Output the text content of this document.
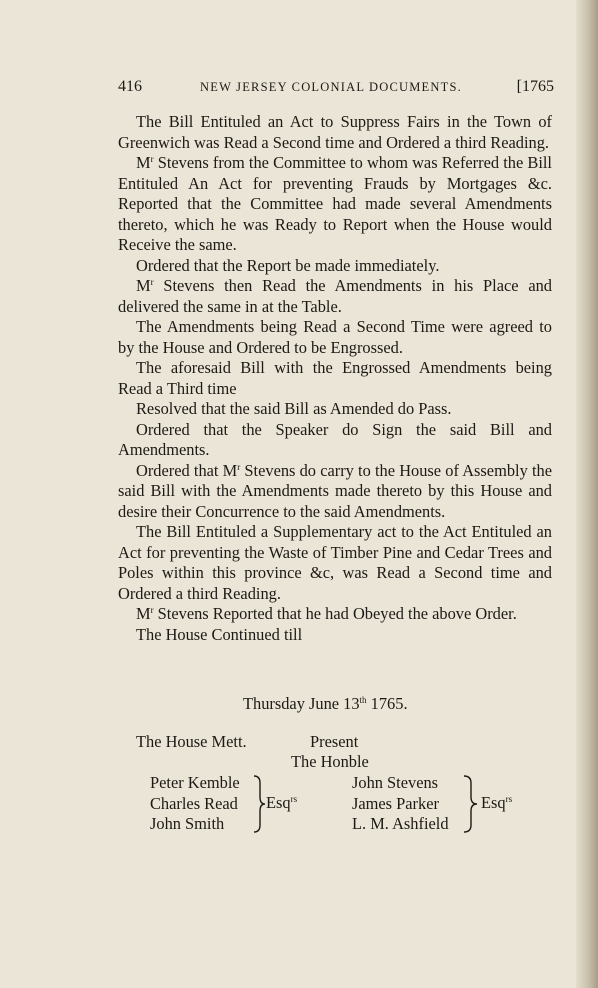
416	NEW JERSEY COLONIAL DOCUMENTS.	[1765

The Bill Entituled an Act to Suppress Fairs in the Town of Greenwich was Read a Second time and Ordered a third Reading.

$M^r$ Stevens from the Committee to whom was Referred the Bill Entituled An Act for preventing Frauds by Mortgages &c. Reported that the Committee had made several Amendments thereto, which he was Ready to Report when the House would Receive the same.

Ordered that the Report be made immediately.

$M^r$ Stevens then Read the Amendments in his Place and delivered the same in at the Table.

The Amendments being Read a Second Time were agreed to by the House and Ordered to be Engrossed.

The aforesaid Bill with the Engrossed Amendments being Read a Third time

Resolved that the said Bill as Amended do Pass.

Ordered that the Speaker do Sign the said Bill and Amendments.

Ordered that $M^r$ Stevens do carry to the House of Assembly the said Bill with the Amendments made thereto by this House and desire their Concurrence to the said Amendments.

The Bill Entituled a Supplementary act to the Act Entituled an Act for preventing the Waste of Timber Pine and Cedar Trees and Poles within this province &c, was Read a Second time and Ordered a third Reading.

$M^r$ Stevens Reported that he had Obeyed the above Order.

The House Continued till

Thursday June 13th 1765.
The House Mett.	Present
The Honble
Peter Kemble
Charles Read
John Smith
Esq$^{rs}$
John Stevens
James Parker
L. M. Ashfield
Esq$^{rs}$
